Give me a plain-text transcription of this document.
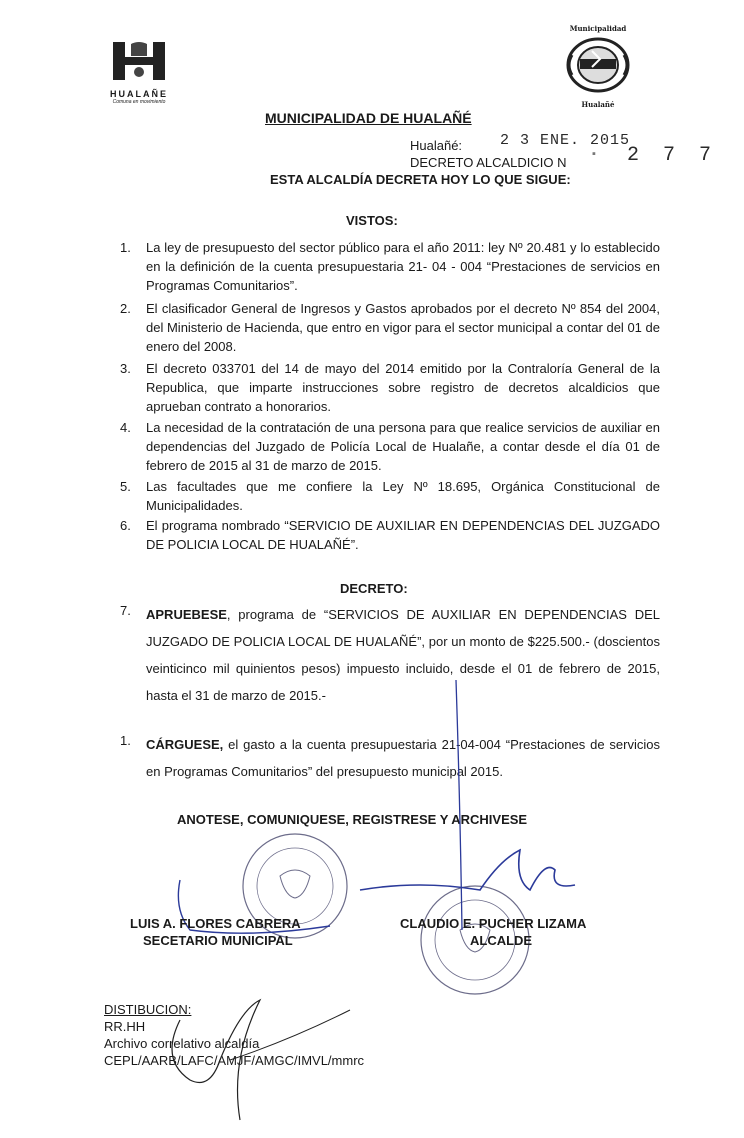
HUALAÑE
Comuna en movimiento
Municipalidad
Hualañé
MUNICIPALIDAD DE HUALAÑÉ
Hualañé:	2 3 ENE. 2015
DECRETO ALCALDICIO N
▪ 2 7 7
ESTA ALCALDÍA DECRETA HOY LO QUE SIGUE:
VISTOS:
1.	La ley de presupuesto del sector público para el año 2011: ley Nº 20.481 y lo establecido en la definición de la cuenta presupuestaria 21- 04 - 004 “Prestaciones de servicios en Programas Comunitarios”.
2.	El clasificador General de Ingresos y Gastos aprobados por el decreto Nº 854 del 2004, del Ministerio de Hacienda, que entro en vigor para el sector municipal a contar del 01 de enero del 2008.
3.	El decreto 033701 del 14 de mayo del 2014 emitido por la Contraloría General de la Republica, que imparte instrucciones sobre registro de decretos alcaldicios que aprueban contrato a honorarios.
4.	La necesidad de la contratación de una persona para que realice servicios de auxiliar en dependencias del Juzgado de Policía Local de Hualañe, a contar desde el día 01 de febrero de 2015 al 31 de marzo de 2015.
5.	Las facultades que me confiere la Ley Nº 18.695, Orgánica Constitucional de Municipalidades.
6.	El programa nombrado “SERVICIO DE AUXILIAR EN DEPENDENCIAS DEL JUZGADO DE POLICIA LOCAL DE HUALAÑÉ”.
DECRETO:
7.	APRUEBESE, programa de “SERVICIOS DE AUXILIAR EN DEPENDENCIAS DEL JUZGADO DE POLICIA LOCAL DE HUALAÑÉ”, por un monto de $225.500.- (doscientos veinticinco mil quinientos pesos) impuesto incluido, desde el 01 de febrero de 2015, hasta el 31 de marzo de 2015.-
1.	CÁRGUESE, el gasto a la cuenta presupuestaria 21-04-004 “Prestaciones de servicios en Programas Comunitarios” del presupuesto municipal 2015.
ANOTESE, COMUNIQUESE, REGISTRESE Y ARCHIVESE
LUIS A. FLORES CABRERA
SECETARIO MUNICIPAL
CLAUDIO E. PUCHER LIZAMA
ALCALDE
DISTIBUCION:
RR.HH
Archivo correlativo alcaldía
CEPL/AARB/LAFC/AMJF/AMGC/IMVL/mmrc
